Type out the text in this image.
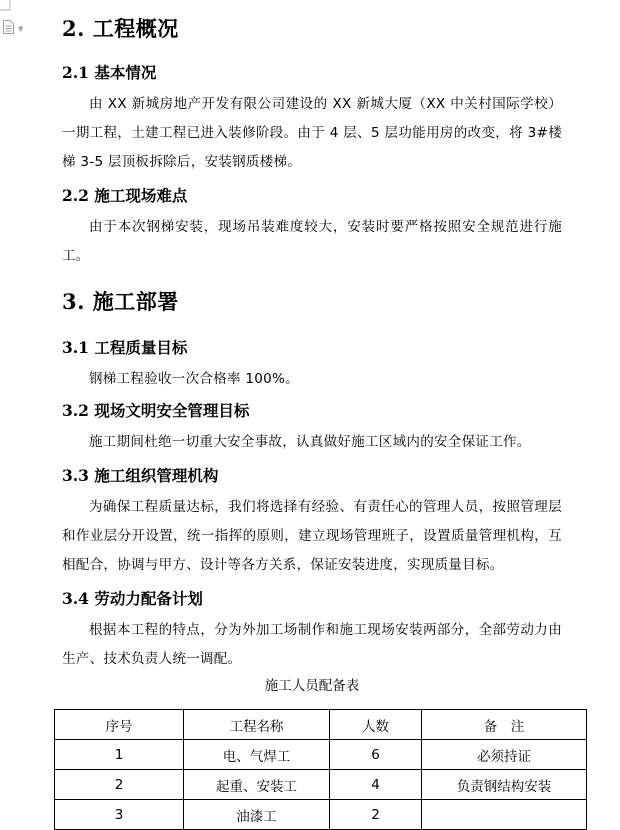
▼ 2. 工程概况
2.1 基本情况

由 XX 新城房地产开发有限公司建设的 XX 新城大厦（XX 中关村国际学校）一期工程，土建工程已进入装修阶段。由于 4 层、5 层功能用房的改变，将 3#楼梯 3-5 层顶板拆除后，安装钢质楼梯。

2.2 施工现场难点

由于本次钢梯安装，现场吊装难度较大，安装时要严格按照安全规范进行施工。

3. 施工部署
3.1 工程质量目标

钢梯工程验收一次合格率 100%。

3.2 现场文明安全管理目标

施工期间杜绝一切重大安全事故，认真做好施工区域内的安全保证工作。

3.3 施工组织管理机构

为确保工程质量达标，我们将选择有经验、有责任心的管理人员，按照管理层和作业层分开设置，统一指挥的原则，建立现场管理班子，设置质量管理机构，互相配合，协调与甲方、设计等各方关系，保证安装进度，实现质量目标。

3.4 劳动力配备计划

根据本工程的特点，分为外加工场制作和施工现场安装两部分，全部劳动力由生产、技术负责人统一调配。

施工人员配备表
序号	工程名称	人数	备　注
1	电、气焊工	6	必须持证
2	起重、安装工	4	负责钢结构安装
3	油漆工	2	
